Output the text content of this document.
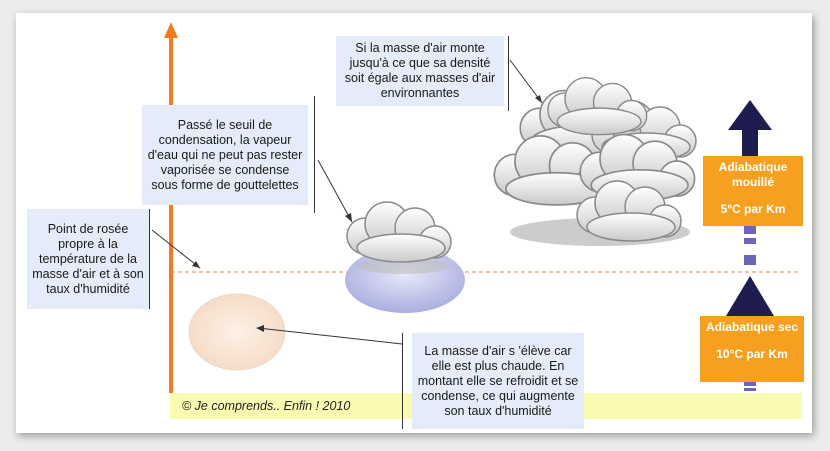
© Je comprends.. Enfin ! 2010
Point de rosée propre à la température de la masse d'air et à son taux d'humidité
Passé le seuil de condensation, la vapeur d'eau qui ne peut pas rester vaporisée se condense sous forme de gouttelettes
Si la masse d'air monte jusqu'à ce que sa densité soit égale aux masses d'air environnantes
La masse d'air s 'élève car elle est plus chaude. En montant elle se refroidit et se condense, ce qui augmente son taux d'humidité
Adiabatique mouillé
5°C par Km
Adiabatique sec
10°C par Km
